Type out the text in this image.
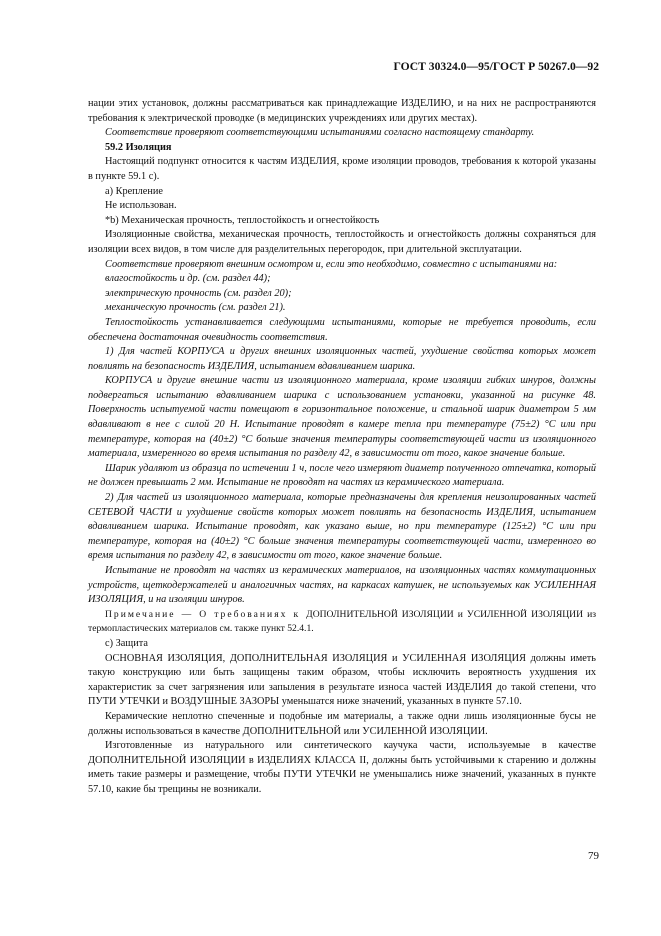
ГОСТ 30324.0—95/ГОСТ Р 50267.0—92

нации этих установок, должны рассматриваться как принадлежащие ИЗДЕЛИЮ, и на них не распространяются требования к электрической проводке (в медицинских учреждениях или других местах).

Соответствие проверяют соответствующими испытаниями согласно настоящему стандарту.

59.2 Изоляция

Настоящий подпункт относится к частям ИЗДЕЛИЯ, кроме изоляции проводов, требования к которой указаны в пункте 59.1 с).

а) Крепление

Не использован.

*b) Механическая прочность, теплостойкость и огнестойкость

Изоляционные свойства, механическая прочность, теплостойкость и огнестойкость должны сохраняться для изоляции всех видов, в том числе для разделительных перегородок, при длительной эксплуатации.

Соответствие проверяют внешним осмотром и, если это необходимо, совместно с испытаниями на:

влагостойкость и др. (см. раздел 44);

электрическую прочность (см. раздел 20);

механическую прочность (см. раздел 21).

Теплостойкость устанавливается следующими испытаниями, которые не требуется проводить, если обеспечена достаточная очевидность соответствия.

1) Для частей КОРПУСА и других внешних изоляционных частей, ухудшение свойства которых может повлиять на безопасность ИЗДЕЛИЯ, испытанием вдавливанием шарика.

КОРПУСА и другие внешние части из изоляционного материала, кроме изоляции гибких шнуров, должны подвергаться испытанию вдавливанием шарика с использованием установки, указанной на рисунке 48. Поверхность испытуемой части помещают в горизонтальное положение, и стальной шарик диаметром 5 мм вдавливают в нее с силой 20 Н. Испытание проводят в камере тепла при температуре (75±2) °С или при температуре, которая на (40±2) °С больше значения температуры соответствующей части из изоляционного материала, измеренного во время испытания по разделу 42, в зависимости от того, какое значение больше.

Шарик удаляют из образца по истечении 1 ч, после чего измеряют диаметр полученного отпечатка, который не должен превышать 2 мм. Испытание не проводят на частях из керамического материала.

2) Для частей из изоляционного материала, которые предназначены для крепления неизолированных частей СЕТЕВОЙ ЧАСТИ и ухудшение свойств которых может повлиять на безопасность ИЗДЕЛИЯ, испытанием вдавливанием шарика. Испытание проводят, как указано выше, но при температуре (125±2) °С или при температуре, которая на (40±2) °С больше значения температуры соответствующей части, измеренного во время испытания по разделу 42, в зависимости от того, какое значение больше.

Испытание не проводят на частях из керамических материалов, на изоляционных частях коммутационных устройств, щеткодержателей и аналогичных частях, на каркасах катушек, не используемых как УСИЛЕННАЯ ИЗОЛЯЦИЯ, и на изоляции шнуров.

Примечание — О требованиях к ДОПОЛНИТЕЛЬНОЙ ИЗОЛЯЦИИ и УСИЛЕННОЙ ИЗОЛЯЦИИ из термопластических материалов см. также пункт 52.4.1.

с) Защита

ОСНОВНАЯ ИЗОЛЯЦИЯ, ДОПОЛНИТЕЛЬНАЯ ИЗОЛЯЦИЯ и УСИЛЕННАЯ ИЗОЛЯЦИЯ должны иметь такую конструкцию или быть защищены таким образом, чтобы исключить вероятность ухудшения их характеристик за счет загрязнения или запыления в результате износа частей ИЗДЕЛИЯ до такой степени, что ПУТИ УТЕЧКИ и ВОЗДУШНЫЕ ЗАЗОРЫ уменьшатся ниже значений, указанных в пункте 57.10.

Керамические неплотно спеченные и подобные им материалы, а также одни лишь изоляционные бусы не должны использоваться в качестве ДОПОЛНИТЕЛЬНОЙ или УСИЛЕННОЙ ИЗОЛЯЦИИ.

Изготовленные из натурального или синтетического каучука части, используемые в качестве ДОПОЛНИТЕЛЬНОЙ ИЗОЛЯЦИИ в ИЗДЕЛИЯХ КЛАССА II, должны быть устойчивыми к старению и должны иметь такие размеры и размещение, чтобы ПУТИ УТЕЧКИ не уменьшались ниже значений, указанных в пункте 57.10, какие бы трещины не возникали.

79
